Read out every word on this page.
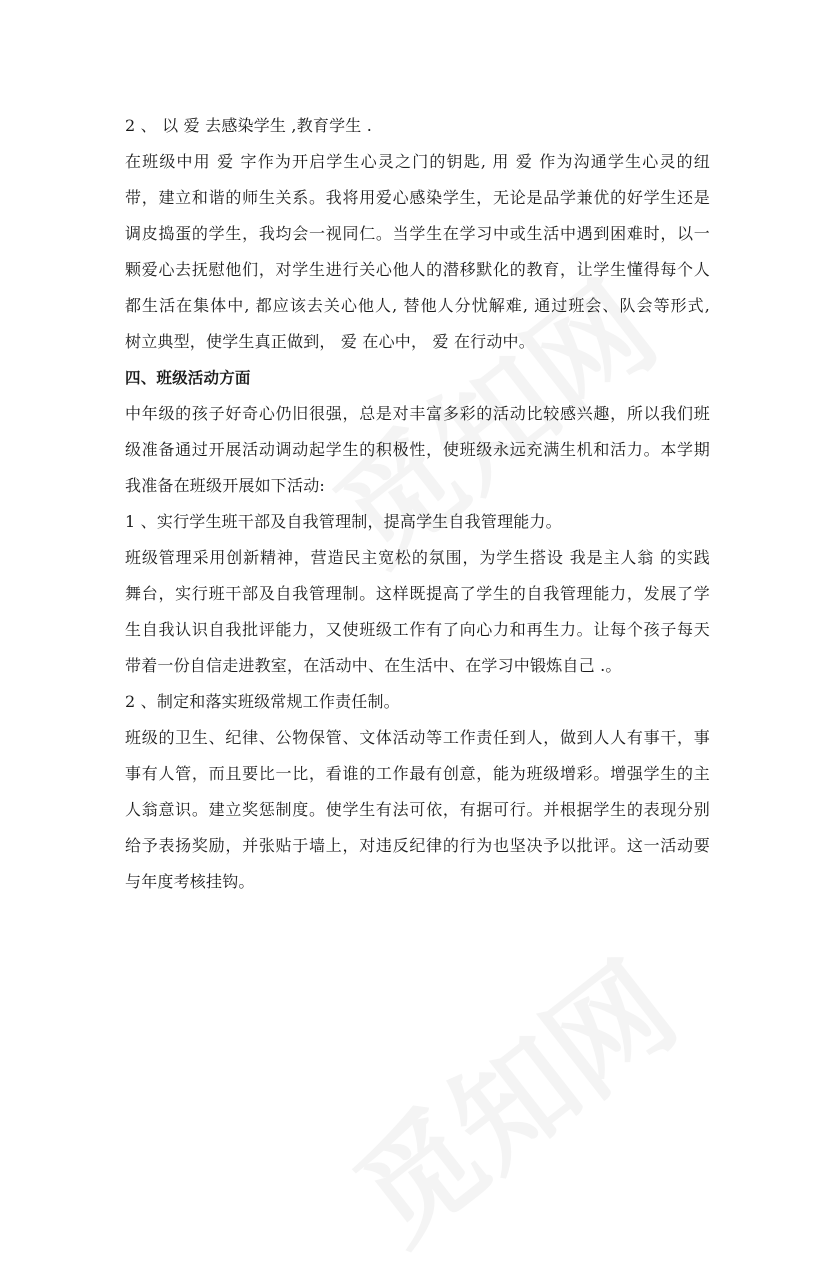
2 、 以 爱 去感染学生 ,教育学生 .
在班级中用 爱 字作为开启学生心灵之门的钥匙, 用 爱 作为沟通学生心灵的纽
带，建立和谐的师生关系。我将用爱心感染学生，无论是品学兼优的好学生还是
调皮捣蛋的学生，我均会一视同仁。当学生在学习中或生活中遇到困难时，以一
颗爱心去抚慰他们，对学生进行关心他人的潜移默化的教育，让学生懂得每个人
都生活在集体中, 都应该去关心他人, 替他人分忧解难, 通过班会、队会等形式,
树立典型，使学生真正做到， 爱 在心中， 爱 在行动中。
四、班级活动方面
中年级的孩子好奇心仍旧很强，总是对丰富多彩的活动比较感兴趣，所以我们班
级准备通过开展活动调动起学生的积极性，使班级永远充满生机和活力。本学期
我准备在班级开展如下活动:
1 、实行学生班干部及自我管理制，提高学生自我管理能力。
班级管理采用创新精神，营造民主宽松的氛围，为学生搭设 我是主人翁 的实践
舞台，实行班干部及自我管理制。这样既提高了学生的自我管理能力，发展了学
生自我认识自我批评能力，又使班级工作有了向心力和再生力。让每个孩子每天
带着一份自信走进教室，在活动中、在生活中、在学习中锻炼自己 .。
2 、制定和落实班级常规工作责任制。
班级的卫生、纪律、公物保管、文体活动等工作责任到人，做到人人有事干，事
事有人管，而且要比一比，看谁的工作最有创意，能为班级增彩。增强学生的主
人翁意识。建立奖惩制度。使学生有法可依，有据可行。并根据学生的表现分别
给予表扬奖励，并张贴于墙上，对违反纪律的行为也坚决予以批评。这一活动要
与年度考核挂钩。
